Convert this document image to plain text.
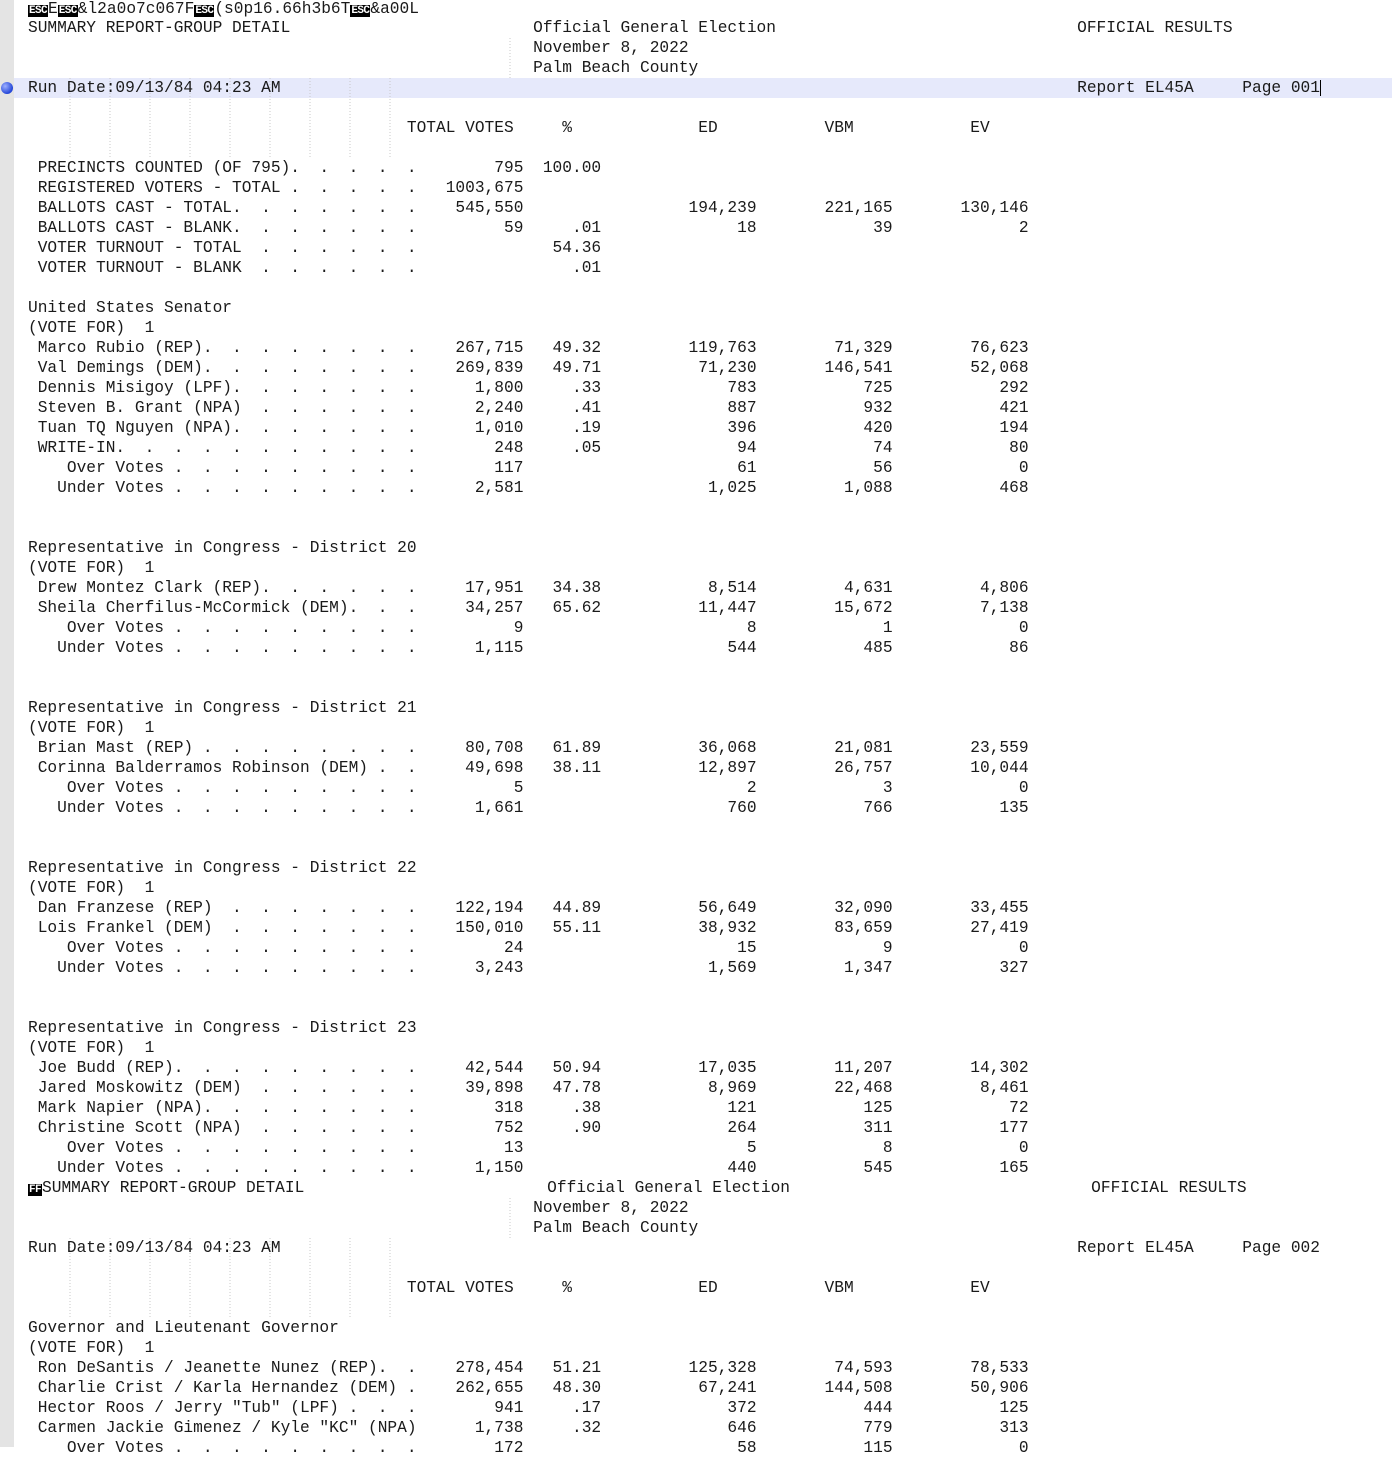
ESCEESC&l2a0o7c067FESC(s0p16.66h3b6TESC&a00L
SUMMARY REPORT-GROUP DETAIL                         Official General Election                               OFFICIAL RESULTS
November 8, 2022
Palm Beach County
Run Date:09/13/84 04:23 AM                                                                                  Report EL45A     Page 001
TOTAL VOTES     %             ED           VBM            EV
PRECINCTS COUNTED (OF 795).  .  .  .  .        795  100.00
REGISTERED VOTERS - TOTAL .  .  .  .  .   1003,675
BALLOTS CAST - TOTAL.  .  .  .  .  .  .    545,550                 194,239       221,165       130,146
BALLOTS CAST - BLANK.  .  .  .  .  .  .         59     .01              18            39             2
VOTER TURNOUT - TOTAL  .  .  .  .  .  .              54.36
VOTER TURNOUT - BLANK  .  .  .  .  .  .                .01
United States Senator
(VOTE FOR)  1
Marco Rubio (REP).  .  .  .  .  .  .  .    267,715   49.32         119,763        71,329        76,623
Val Demings (DEM).  .  .  .  .  .  .  .    269,839   49.71          71,230       146,541        52,068
Dennis Misigoy (LPF).  .  .  .  .  .  .      1,800     .33             783           725           292
Steven B. Grant (NPA)  .  .  .  .  .  .      2,240     .41             887           932           421
Tuan TQ Nguyen (NPA).  .  .  .  .  .  .      1,010     .19             396           420           194
WRITE-IN.  .  .  .  .  .  .  .  .  .  .        248     .05              94            74            80
Over Votes .  .  .  .  .  .  .  .  .        117                      61            56             0
Under Votes .  .  .  .  .  .  .  .  .      2,581                   1,025         1,088           468
Representative in Congress - District 20
(VOTE FOR)  1
Drew Montez Clark (REP).  .  .  .  .  .     17,951   34.38           8,514         4,631         4,806
Sheila Cherfilus-McCormick (DEM).  .  .     34,257   65.62          11,447        15,672         7,138
Over Votes .  .  .  .  .  .  .  .  .          9                       8             1             0
Under Votes .  .  .  .  .  .  .  .  .      1,115                     544           485            86
Representative in Congress - District 21
(VOTE FOR)  1
Brian Mast (REP) .  .  .  .  .  .  .  .     80,708   61.89          36,068        21,081        23,559
Corinna Balderramos Robinson (DEM) .  .     49,698   38.11          12,897        26,757        10,044
Over Votes .  .  .  .  .  .  .  .  .          5                       2             3             0
Under Votes .  .  .  .  .  .  .  .  .      1,661                     760           766           135
Representative in Congress - District 22
(VOTE FOR)  1
Dan Franzese (REP)  .  .  .  .  .  .  .    122,194   44.89          56,649        32,090        33,455
Lois Frankel (DEM)  .  .  .  .  .  .  .    150,010   55.11          38,932        83,659        27,419
Over Votes .  .  .  .  .  .  .  .  .         24                      15             9             0
Under Votes .  .  .  .  .  .  .  .  .      3,243                   1,569         1,347           327
Representative in Congress - District 23
(VOTE FOR)  1
Joe Budd (REP).  .  .  .  .  .  .  .  .     42,544   50.94          17,035        11,207        14,302
Jared Moskowitz (DEM)  .  .  .  .  .  .     39,898   47.78           8,969        22,468         8,461
Mark Napier (NPA).  .  .  .  .  .  .  .        318     .38             121           125            72
Christine Scott (NPA)  .  .  .  .  .  .        752     .90             264           311           177
Over Votes .  .  .  .  .  .  .  .  .         13                       5             8             0
Under Votes .  .  .  .  .  .  .  .  .      1,150                     440           545           165
FFSUMMARY REPORT-GROUP DETAIL                         Official General Election                               OFFICIAL RESULTS
November 8, 2022
Palm Beach County
Run Date:09/13/84 04:23 AM                                                                                  Report EL45A     Page 002
TOTAL VOTES     %             ED           VBM            EV
Governor and Lieutenant Governor
(VOTE FOR)  1
Ron DeSantis / Jeanette Nunez (REP).  .    278,454   51.21         125,328        74,593        78,533
Charlie Crist / Karla Hernandez (DEM) .    262,655   48.30          67,241       144,508        50,906
Hector Roos / Jerry "Tub" (LPF) .  .  .        941     .17             372           444           125
Carmen Jackie Gimenez / Kyle "KC" (NPA)      1,738     .32             646           779           313
Over Votes .  .  .  .  .  .  .  .  .        172                      58           115             0
